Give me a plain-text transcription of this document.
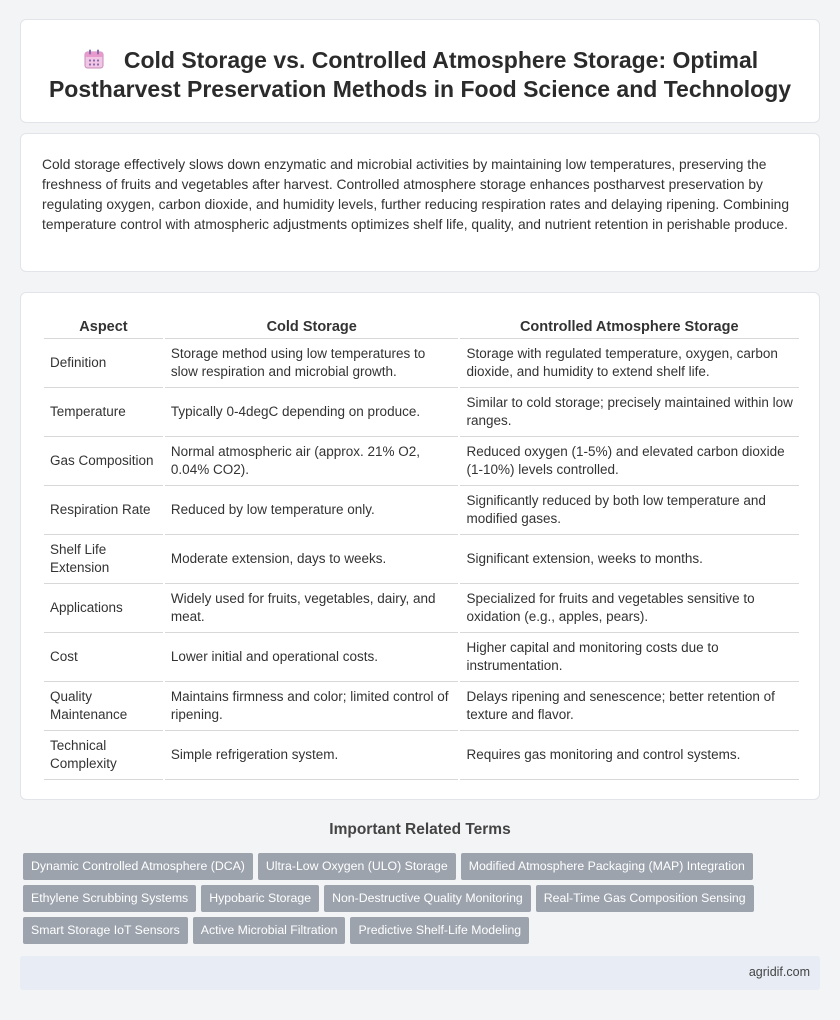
Cold Storage vs. Controlled Atmosphere Storage: Optimal Postharvest Preservation Methods in Food Science and Technology

Cold storage effectively slows down enzymatic and microbial activities by maintaining low temperatures, preserving the freshness of fruits and vegetables after harvest. Controlled atmosphere storage enhances postharvest preservation by regulating oxygen, carbon dioxide, and humidity levels, further reducing respiration rates and delaying ripening. Combining temperature control with atmospheric adjustments optimizes shelf life, quality, and nutrient retention in perishable produce.

Aspect	Cold Storage	Controlled Atmosphere Storage
Definition	Storage method using low temperatures to slow respiration and microbial growth.	Storage with regulated temperature, oxygen, carbon dioxide, and humidity to extend shelf life.
Temperature	Typically 0-4degC depending on produce.	Similar to cold storage; precisely maintained within low ranges.
Gas Composition	Normal atmospheric air (approx. 21% O2, 0.04% CO2).	Reduced oxygen (1-5%) and elevated carbon dioxide (1-10%) levels controlled.
Respiration Rate	Reduced by low temperature only.	Significantly reduced by both low temperature and modified gases.
Shelf Life Extension	Moderate extension, days to weeks.	Significant extension, weeks to months.
Applications	Widely used for fruits, vegetables, dairy, and meat.	Specialized for fruits and vegetables sensitive to oxidation (e.g., apples, pears).
Cost	Lower initial and operational costs.	Higher capital and monitoring costs due to instrumentation.
Quality Maintenance	Maintains firmness and color; limited control of ripening.	Delays ripening and senescence; better retention of texture and flavor.
Technical Complexity	Simple refrigeration system.	Requires gas monitoring and control systems.
Important Related Terms
Dynamic Controlled Atmosphere (DCA) Ultra-Low Oxygen (ULO) Storage Modified Atmosphere Packaging (MAP) Integration
Ethylene Scrubbing Systems Hypobaric Storage Non-Destructive Quality Monitoring Real-Time Gas Composition Sensing
Smart Storage IoT Sensors Active Microbial Filtration Predictive Shelf-Life Modeling
agridif.com
